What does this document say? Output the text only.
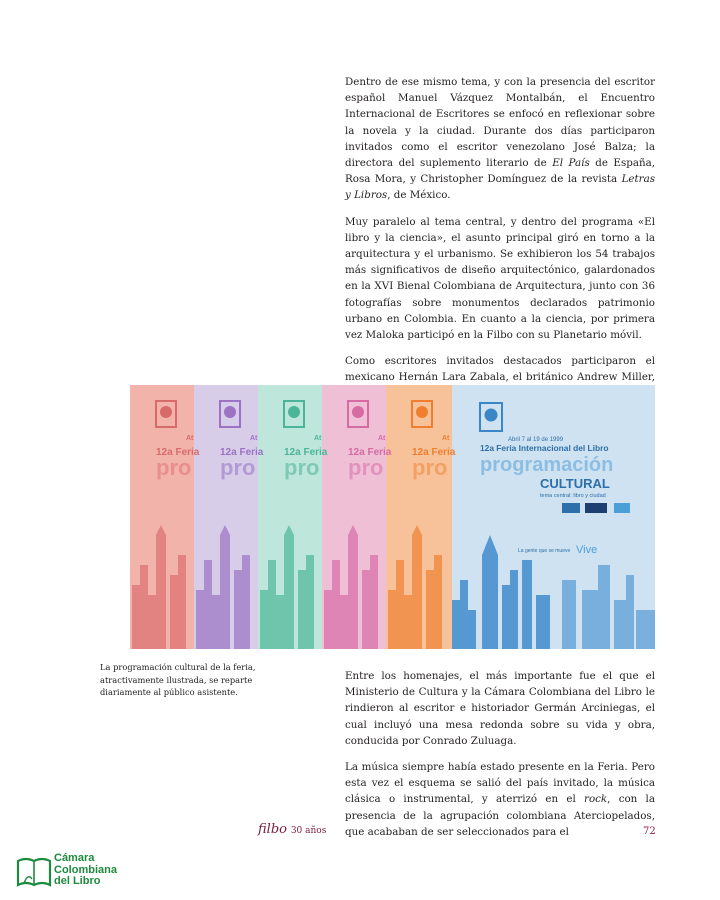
Dentro de ese mismo tema, y con la presencia del escritor español Manuel Vázquez Montalbán, el Encuentro Internacional de Escritores se enfocó en reflexionar sobre la novela y la ciudad. Durante dos días participaron invitados como el escritor venezolano José Balza; la directora del suplemento literario de El País de España, Rosa Mora, y Christopher Domínguez de la revista Letras y Libros, de México.

Muy paralelo al tema central, y dentro del programa «El libro y la ciencia», el asunto principal giró en torno a la arquitectura y el urbanismo. Se exhibieron los 54 trabajos más significativos de diseño arquitectónico, galardonados en la XVI Bienal Colombiana de Arquitectura, junto con 36 fotografías sobre monumentos declarados patrimonio urbano en Colombia. En cuanto a la ciencia, por primera vez Maloka participó en la Filbo con su Planetario móvil.

Como escritores invitados destacados participaron el mexicano Hernán Lara Zabala, el británico Andrew Miller,

12a Feria 12a Feria 12a Feria 12a Feria 12a Feria
pro pro pro pro pro
At	At	At	At	At	Abril 7 al 19 de 1999
12a Feria Internacional del Libro
programación
CULTURAL
tema central: libro y ciudad
La gente que se mueve Vive
La programación cultural de la feria, atractivamente ilustrada, se reparte diariamente al público asistente.

Entre los homenajes, el más importante fue el que el Ministerio de Cultura y la Cámara Colombiana del Libro le rindieron al escritor e historiador Germán Arciniegas, el cual incluyó una mesa redonda sobre su vida y obra, conducida por Conrado Zuluaga.

La música siempre había estado presente en la Feria. Pero esta vez el esquema se salió del país invitado, la música clásica o instrumental, y aterrizó en el rock, con la presencia de la agrupación colombiana Aterciopelados, que acababan de ser seleccionados para el

filbo 30 años	72
Cámara
Colombiana
del Libro
